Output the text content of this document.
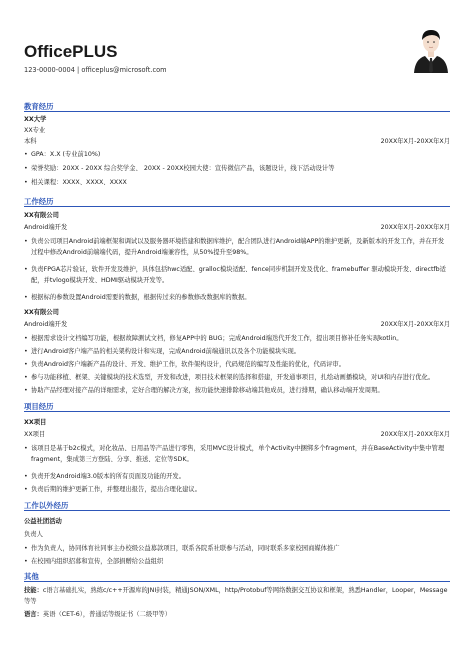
OfficePLUS
123-0000-0004 | officeplus@microsoft.com
教育经历
XX大学
XX专业
本科	20XX年X月-20XX年X月
• GPA：X.X (专业前10%)
• 荣誉奖励：20XX - 20XX 综合奖学金、 20XX - 20XX校园大使：宣传微信产品，该题设计，线下活动设计等
• 相关课程：XXXX、XXXX、XXXX
工作经历
XX有限公司
Android端开发	20XX年X月-20XX年X月
• 负责公司项目Android前端框架和调试以及服务器环境搭建和数据库维护，配合团队进行Android端APP的维护更新，及新版本的开发工作，并在开发过程中修改Android前端端代码，提升Android端兼容性，从50%提升至98%。
• 负责FPGA芯片验证，软件开发及维护，具体包括hwc适配、gralloc模块适配、fence同步机制开发及优化、framebuffer 驱动模块开发、directfb适配，并tvlogo模块开发、HDMI驱动模块开发等。
• 根据标的参数设置Android需要的数据，根据传过来的参数修改数据库的数据。
XX有限公司
Android端开发	20XX年X月-20XX年X月
• 根据需求设计文档编写功能，根据故障测试文档，修复APP中的 BUG；完成Android端迭代开发工作，提出项目修补任务实现kotlin。
• 进行Android客户端产品的相关架构设计和实现，完成Android前端通讯以及各个功能模块实现。
• 负责Android客户端新产品的设计、开发、维护工作，软件架构设计，代码规范的编写及性能的优化，代码评审。
• 参与功能移植、框架、关键模块的技术选型，开发和改进，项目技术框架的选择和搭建，开发通事项目，扎绘动画播模块，对UI和内存进行优化。
• 协助产品经理对接产品的详细需求，定好合理的解决方案，按功能快速排除移动端其他成员，进行排期，确认移动端开发周期。
项目经历
XX项目
XX项目	20XX年X月-20XX年X月
• 该项目是基于b2c模式，对化妆品、日用品等产品进行零售，采用MVC设计模式，单个Activity中捆绑多个fragment，并在BaseActivity中集中管理fragment，集成第三方登陆、分享、推送、定位等SDK。
• 负责开发Android端3.0版本的所有页面及功能的开发。
• 负责后期的维护更新工作，并整理出报告，提出合理化建议。
工作以外经历
公益社团活动
负责人
• 作为负责人，协同体育社同事主办校级公益募款项目，联系各院系社联参与活动，同时联系多家校园商媒体推广
• 在校园内组织招募和宣传，全部捐赠给公益组织
其他
技能：c语言基础扎实，熟练c/c++开源库的JNI封装，精通JSON/XML，http/Protobuf等网络数据交互协议和框架，熟悉Handler，Looper，Message等等
语言：英语（CET-6），普通话等级证书（二级甲等）
